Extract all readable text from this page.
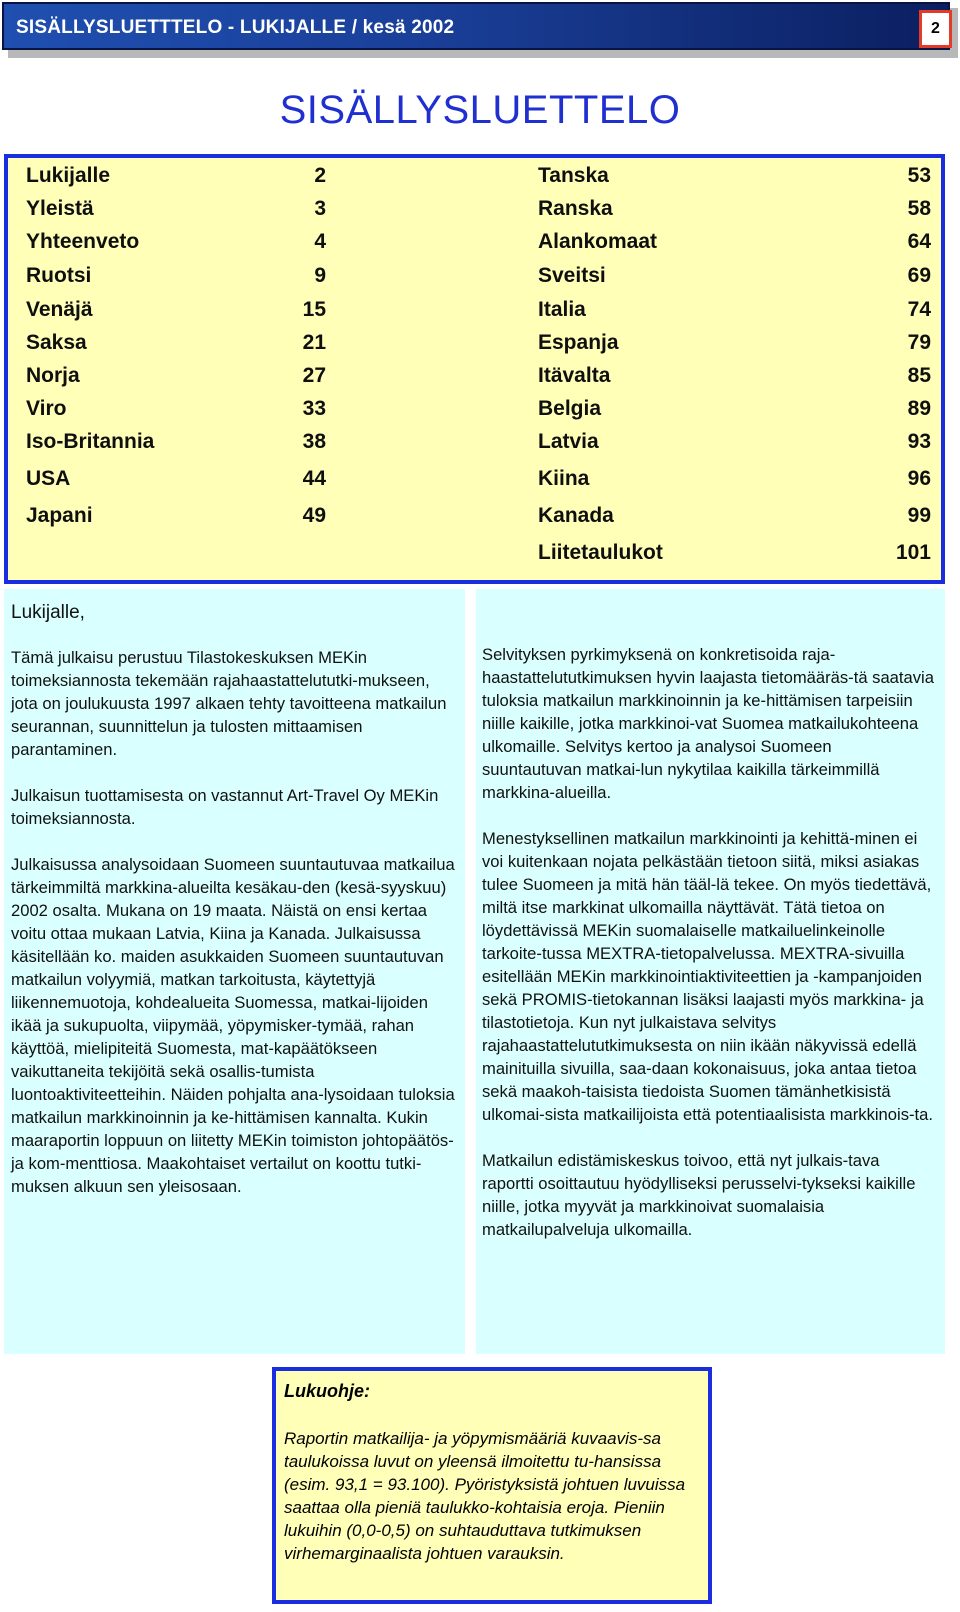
SISÄLLYSLUETTTELO - LUKIJALLE / kesä 2002	2
SISÄLLYSLUETTELO
Lukijalle	2
Yleistä	3
Yhteenveto	4
Ruotsi	9
Venäjä	15
Saksa	21
Norja	27
Viro	33
Iso-Britannia	38
USA	44
Japani	49
Tanska	53
Ranska	58
Alankomaat	64
Sveitsi	69
Italia	74
Espanja	79
Itävalta	85
Belgia	89
Latvia	93
Kiina	96
Kanada	99
Liitetaulukot	101

Lukijalle,

Tämä julkaisu perustuu Tilastokeskuksen MEKin toimeksiannosta tekemään rajahaastattelututki-mukseen, jota on joulukuusta 1997 alkaen tehty tavoitteena matkailun seurannan, suunnittelun ja tulosten mittaamisen parantaminen.

Julkaisun tuottamisesta on vastannut Art-Travel Oy MEKin toimeksiannosta.

Julkaisussa analysoidaan Suomeen suuntautuvaa matkailua tärkeimmiltä markkina-alueilta kesäkau-den (kesä-syyskuu) 2002 osalta. Mukana on 19 maata. Näistä on ensi kertaa voitu ottaa mukaan Latvia, Kiina ja Kanada. Julkaisussa käsitellään ko. maiden asukkaiden Suomeen suuntautuvan matkailun volyymiä, matkan tarkoitusta, käytettyjä liikennemuotoja, kohdealueita Suomessa, matkai-lijoiden ikää ja sukupuolta, viipymää, yöpymisker-tymää, rahan käyttöä, mielipiteitä Suomesta, mat-kapäätökseen vaikuttaneita tekijöitä sekä osallis-tumista luontoaktiviteetteihin. Näiden pohjalta ana-lysoidaan tuloksia matkailun markkinoinnin ja ke-hittämisen kannalta. Kukin maaraportin loppuun on liitetty MEKin toimiston johtopäätös- ja kom-menttiosa. Maakohtaiset vertailut on koottu tutki-muksen alkuun sen yleisosaan.

Selvityksen pyrkimyksenä on konkretisoida raja-haastattelututkimuksen hyvin laajasta tietomääräs-tä saatavia tuloksia matkailun markkinoinnin ja ke-hittämisen tarpeisiin niille kaikille, jotka markkinoi-vat Suomea matkailukohteena ulkomaille. Selvitys kertoo ja analysoi Suomeen suuntautuvan matkai-lun nykytilaa kaikilla tärkeimmillä markkina-alueilla.

Menestyksellinen matkailun markkinointi ja kehittä-minen ei voi kuitenkaan nojata pelkästään tietoon siitä, miksi asiakas tulee Suomeen ja mitä hän tääl-lä tekee. On myös tiedettävä, miltä itse markkinat ulkomailla näyttävät. Tätä tietoa on löydettävissä MEKin suomalaiselle matkailuelinkeinolle tarkoite-tussa MEXTRA-tietopalvelussa. MEXTRA-sivuilla esitellään MEKin markkinointiaktiviteettien ja -kampanjoiden sekä PROMIS-tietokannan lisäksi laajasti myös markkina- ja tilastotietoja. Kun nyt julkaistava selvitys rajahaastattelututkimuksesta on niin ikään näkyvissä edellä mainituilla sivuilla, saa-daan kokonaisuus, joka antaa tietoa sekä maakoh-taisista tiedoista Suomen tämänhetkisistä ulkomai-sista matkailijoista että potentiaalisista markkinois-ta.

Matkailun edistämiskeskus toivoo, että nyt julkais-tava raportti osoittautuu hyödylliseksi perusselvi-tykseksi kaikille niille, jotka myyvät ja markkinoivat suomalaisia matkailupalveluja ulkomailla.

Lukuohje:

Raportin matkailija- ja yöpymismääriä kuvaavis-sa taulukoissa luvut on yleensä ilmoitettu tu-hansissa (esim. 93,1 = 93.100). Pyöristyksistä johtuen luvuissa saattaa olla pieniä taulukko-kohtaisia eroja. Pieniin lukuihin (0,0-0,5) on suhtauduttava tutkimuksen virhemarginaalista johtuen varauksin.
